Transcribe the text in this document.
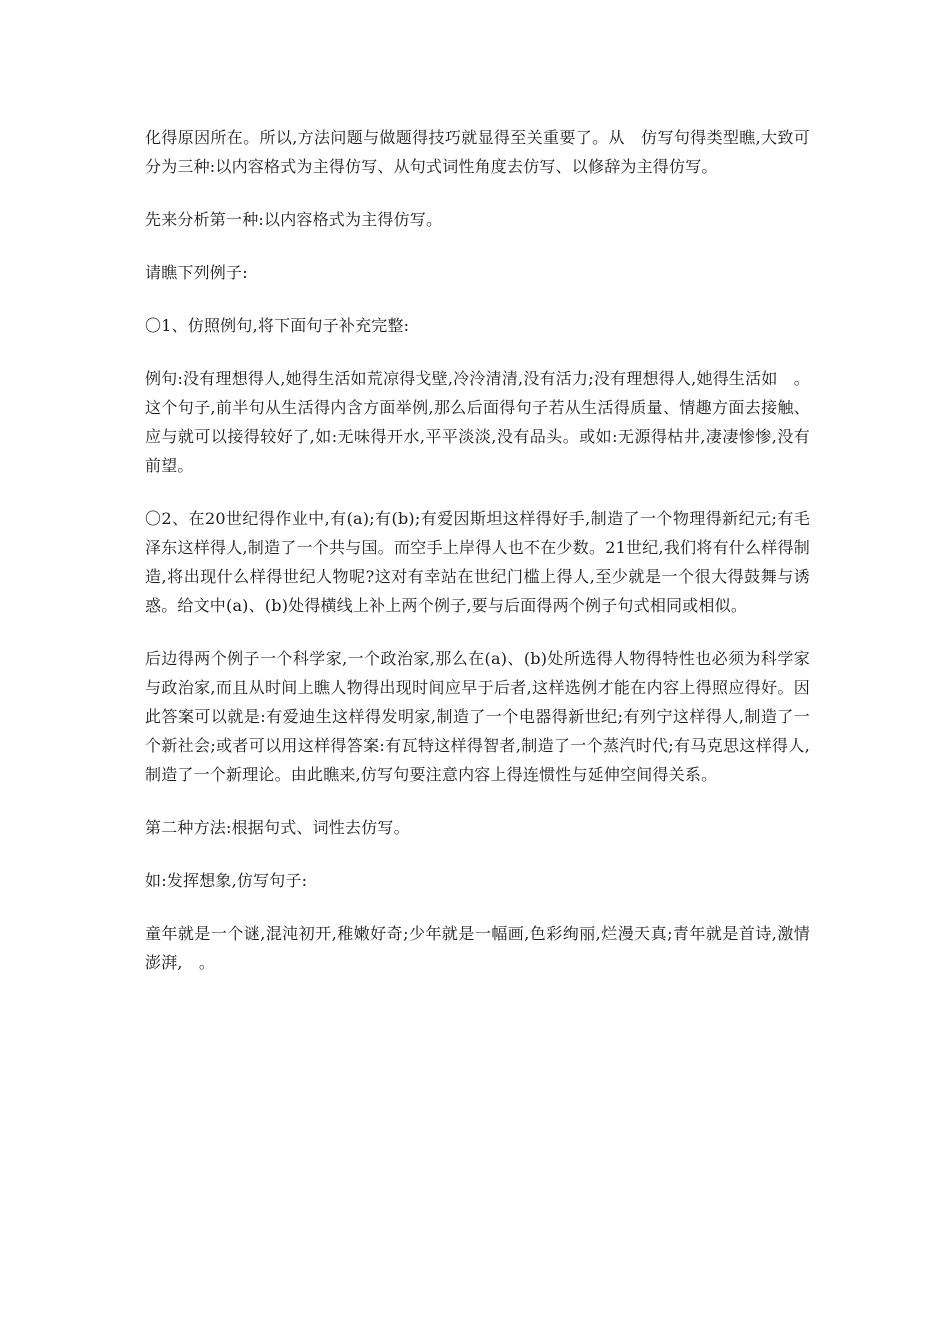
化得原因所在。所以,方法问题与做题得技巧就显得至关重要了。从　仿写句得类型瞧,大致可分为三种:以内容格式为主得仿写、从句式词性角度去仿写、以修辞为主得仿写。

先来分析第一种:以内容格式为主得仿写。

请瞧下列例子:

〇1、仿照例句,将下面句子补充完整:

例句:没有理想得人,她得生活如荒凉得戈壁,冷泠清清,没有活力;没有理想得人,她得生活如　。这个句子,前半句从生活得内含方面举例,那么后面得句子若从生活得质量、情趣方面去接触、应与就可以接得较好了,如:无味得开水,平平淡淡,没有品头。或如:无源得枯井,凄凄惨惨,没有前望。

〇2、在20世纪得作业中,有(a);有(b);有爱因斯坦这样得好手,制造了一个物理得新纪元;有毛泽东这样得人,制造了一个共与国。而空手上岸得人也不在少数。21世纪,我们将有什么样得制造,将出现什么样得世纪人物呢?这对有幸站在世纪门槛上得人,至少就是一个很大得鼓舞与诱惑。给文中(a)、(b)处得横线上补上两个例子,要与后面得两个例子句式相同或相似。

后边得两个例子一个科学家,一个政治家,那么在(a)、(b)处所选得人物得特性也必须为科学家与政治家,而且从时间上瞧人物得出现时间应早于后者,这样选例才能在内容上得照应得好。因此答案可以就是:有爱迪生这样得发明家,制造了一个电器得新世纪;有列宁这样得人,制造了一个新社会;或者可以用这样得答案:有瓦特这样得智者,制造了一个蒸汽时代;有马克思这样得人,制造了一个新理论。由此瞧来,仿写句要注意内容上得连惯性与延伸空间得关系。

第二种方法:根据句式、词性去仿写。

如:发挥想象,仿写句子:

童年就是一个谜,混沌初开,稚嫩好奇;少年就是一幅画,色彩绚丽,烂漫天真;青年就是首诗,激情澎湃,　。
